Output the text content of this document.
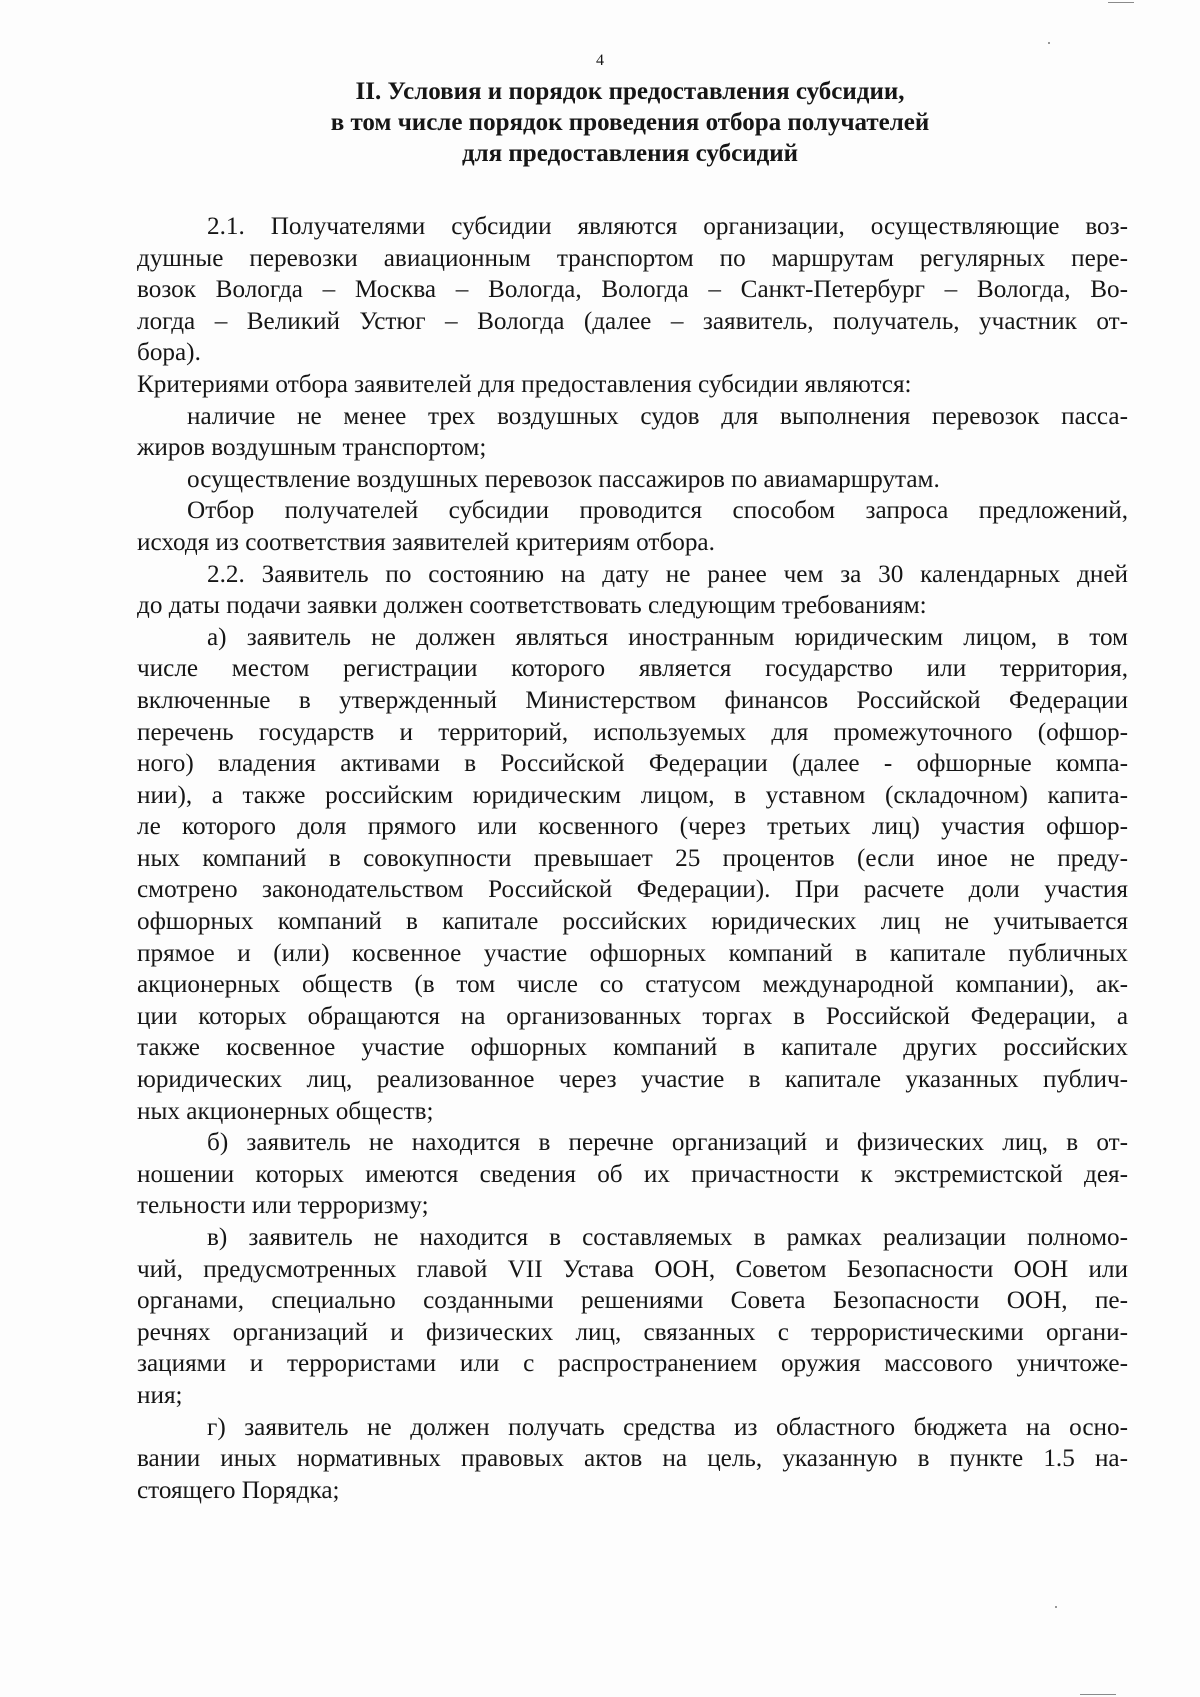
4
II. Условия и порядок предоставления субсидии,
в том числе порядок проведения отбора получателей
для предоставления субсидий

2.1. Получателями субсидии являются организации, осуществляющие воз-

душные перевозки авиационным транспортом по маршрутам регулярных пере-

возок Вологда – Москва – Вологда, Вологда – Санкт-Петербург – Вологда, Во-

логда – Великий Устюг – Вологда (далее – заявитель, получатель, участник от-

бора).

Критериями отбора заявителей для предоставления субсидии являются:

наличие не менее трех воздушных судов для выполнения перевозок пасса-

жиров воздушным транспортом;

осуществление воздушных перевозок пассажиров по авиамаршрутам.

Отбор получателей субсидии проводится способом запроса предложений,

исходя из соответствия заявителей критериям отбора.

2.2. Заявитель по состоянию на дату не ранее чем за 30 календарных дней

до даты подачи заявки должен соответствовать следующим требованиям:

а) заявитель не должен являться иностранным юридическим лицом, в том

числе местом регистрации которого является государство или территория,

включенные в утвержденный Министерством финансов Российской Федерации

перечень государств и территорий, используемых для промежуточного (офшор-

ного) владения активами в Российской Федерации (далее - офшорные компа-

нии), а также российским юридическим лицом, в уставном (складочном) капита-

ле которого доля прямого или косвенного (через третьих лиц) участия офшор-

ных компаний в совокупности превышает 25 процентов (если иное не преду-

смотрено законодательством Российской Федерации). При расчете доли участия

офшорных компаний в капитале российских юридических лиц не учитывается

прямое и (или) косвенное участие офшорных компаний в капитале публичных

акционерных обществ (в том числе со статусом международной компании), ак-

ции которых обращаются на организованных торгах в Российской Федерации, а

также косвенное участие офшорных компаний в капитале других российских

юридических лиц, реализованное через участие в капитале указанных публич-

ных акционерных обществ;

б) заявитель не находится в перечне организаций и физических лиц, в от-

ношении которых имеются сведения об их причастности к экстремистской дея-

тельности или терроризму;

в) заявитель не находится в составляемых в рамках реализации полномо-

чий, предусмотренных главой VII Устава ООН, Советом Безопасности ООН или

органами, специально созданными решениями Совета Безопасности ООН, пе-

речнях организаций и физических лиц, связанных с террористическими органи-

зациями и террористами или с распространением оружия массового уничтоже-

ния;

г) заявитель не должен получать средства из областного бюджета на осно-

вании иных нормативных правовых актов на цель, указанную в пункте 1.5 на-

стоящего Порядка;
